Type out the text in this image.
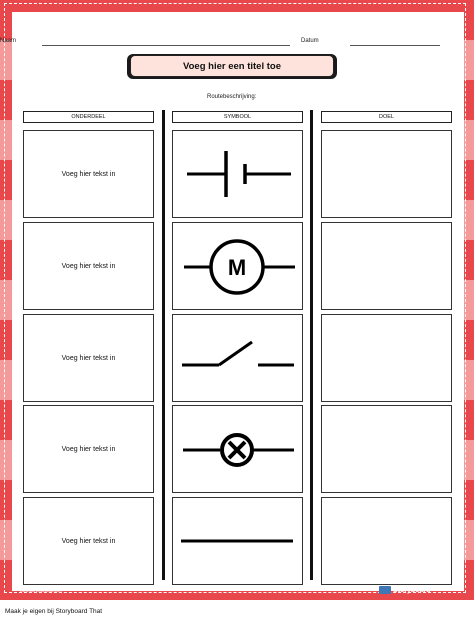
Naam	Datum
Voeg hier een titel toe
Routebeschrijving:
ONDERDEEL	SYMBOOL	DOEL
Voeg hier tekst in
Voeg hier tekst in	M
Voeg hier tekst in
Voeg hier tekst in
Voeg hier tekst in
www.storyboardthat.com	Storyboard That
Maak je eigen bij Storyboard That
